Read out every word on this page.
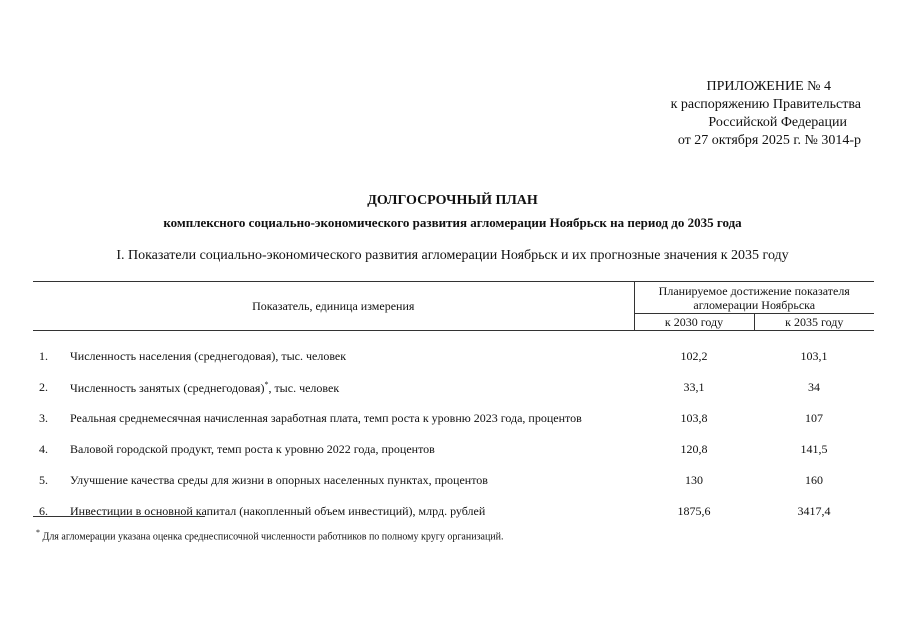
ПРИЛОЖЕНИЕ № 4
к распоряжению Правительства
Российской Федерации
от 27 октября 2025 г. № 3014-р
ДОЛГОСРОЧНЫЙ ПЛАН
комплексного социально-экономического развития агломерации Ноябрьск на период до 2035 года
I. Показатели социально-экономического развития агломерации Ноябрьск и их прогнозные значения к 2035 году
Показатель, единица измерения		Планируемое достижение показателя агломерации Ноябрьска	
		к 2030 году	к 2035 году
1.	Численность населения (среднегодовая), тыс. человек	102,2	103,1
2.	Численность занятых (среднегодовая)*, тыс. человек	33,1	34
3.	Реальная среднемесячная начисленная заработная плата, темп роста к уровню 2023 года, процентов	103,8	107
4.	Валовой городской продукт, темп роста к уровню 2022 года, процентов	120,8	141,5
5.	Улучшение качества среды для жизни в опорных населенных пунктах, процентов	130	160
6.	Инвестиции в основной капитал (накопленный объем инвестиций), млрд. рублей	1875,6	3417,4
* Для агломерации указана оценка среднесписочной численности работников по полному кругу организаций.
